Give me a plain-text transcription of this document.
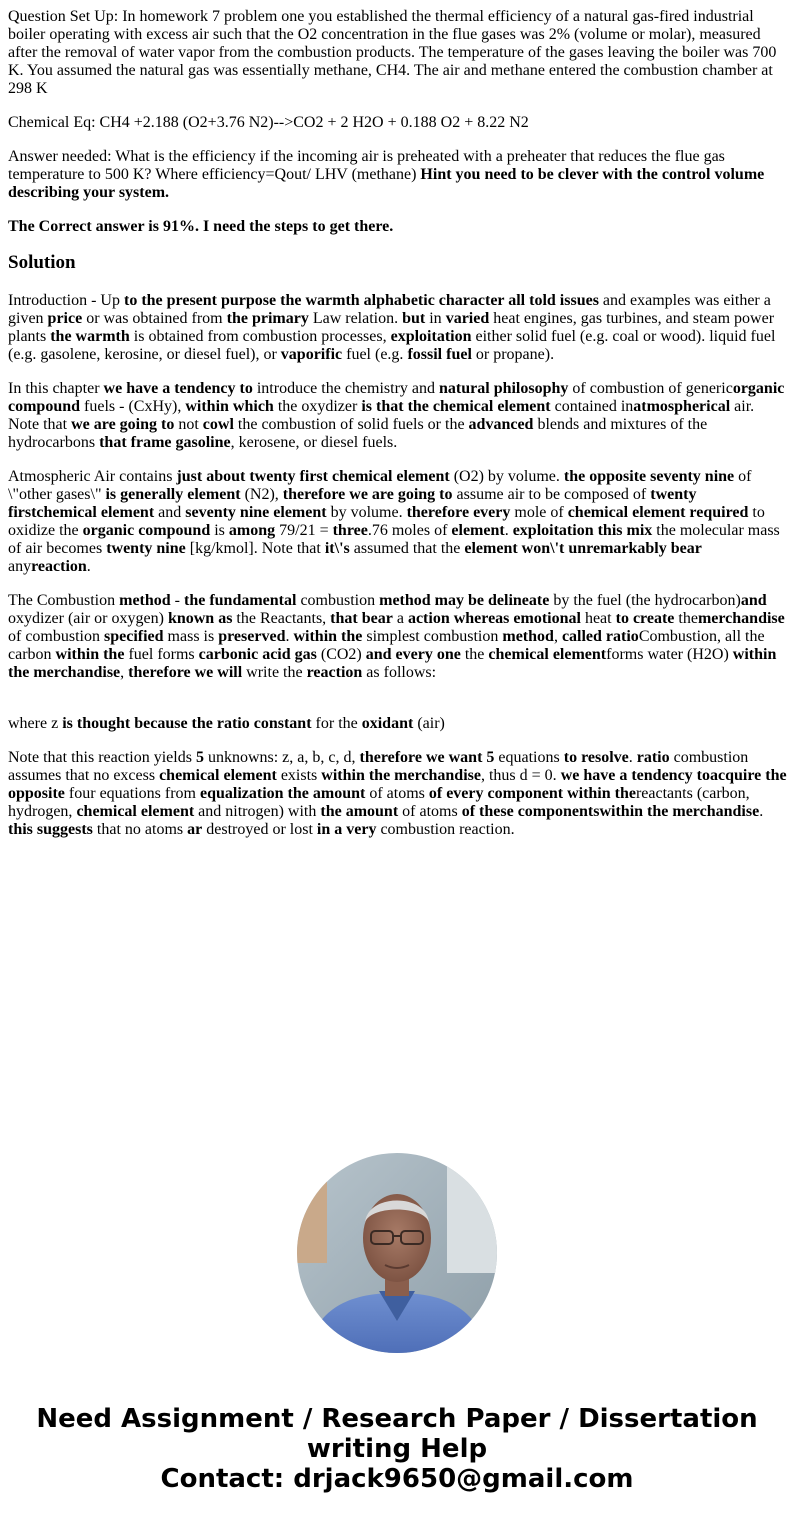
Question Set Up: In homework 7 problem one you established the thermal efficiency of a natural gas-fired industrial boiler operating with excess air such that the O2 concentration in the flue gases was 2% (volume or molar), measured after the removal of water vapor from the combustion products. The temperature of the gases leaving the boiler was 700 K. You assumed the natural gas was essentially methane, CH4. The air and methane entered the combustion chamber at 298 K

Chemical Eq: CH4 +2.188 (O2+3.76 N2)-->CO2 + 2 H2O + 0.188 O2 + 8.22 N2

Answer needed: What is the efficiency if the incoming air is preheated with a preheater that reduces the flue gas temperature to 500 K? Where efficiency=Qout/ LHV (methane) Hint you need to be clever with the control volume describing your system.

The Correct answer is 91%. I need the steps to get there.

Solution

Introduction - Up to the present purpose the warmth alphabetic character all told issues and examples was either a given price or was obtained from the primary Law relation. but in varied heat engines, gas turbines, and steam power plants the warmth is obtained from combustion processes, exploitation either solid fuel (e.g. coal or wood). liquid fuel (e.g. gasolene, kerosine, or diesel fuel), or vaporific fuel (e.g. fossil fuel or propane).

In this chapter we have a tendency to introduce the chemistry and natural philosophy of combustion of genericorganic compound fuels - (CxHy), within which the oxydizer is that the chemical element contained inatmospherical air. Note that we are going to not cowl the combustion of solid fuels or the advanced blends and mixtures of the hydrocarbons that frame gasoline, kerosene, or diesel fuels.

Atmospheric Air contains just about twenty first chemical element (O2) by volume. the opposite seventy nine of \"other gases\" is generally element (N2), therefore we are going to assume air to be composed of twenty firstchemical element and seventy nine element by volume. therefore every mole of chemical element required to oxidize the organic compound is among 79/21 = three.76 moles of element. exploitation this mix the molecular mass of air becomes twenty nine [kg/kmol]. Note that it\'s assumed that the element won\'t unremarkably bear anyreaction.

The Combustion method - the fundamental combustion method may be delineate by the fuel (the hydrocarbon)and oxydizer (air or oxygen) known as the Reactants, that bear a action whereas emotional heat to create themerchandise of combustion specified mass is preserved. within the simplest combustion method, called ratioCombustion, all the carbon within the fuel forms carbonic acid gas (CO2) and every one the chemical elementforms water (H2O) within the merchandise, therefore we will write the reaction as follows:

where z is thought because the ratio constant for the oxidant (air)

Note that this reaction yields 5 unknowns: z, a, b, c, d, therefore we want 5 equations to resolve. ratio combustion assumes that no excess chemical element exists within the merchandise, thus d = 0. we have a tendency toacquire the opposite four equations from equalization the amount of atoms of every component within thereactants (carbon, hydrogen, chemical element and nitrogen) with the amount of atoms of these componentswithin the merchandise. this suggests that no atoms ar destroyed or lost in a very combustion reaction.

Need Assignment / Research Paper / Dissertation
writing Help
Contact: drjack9650@gmail.com
